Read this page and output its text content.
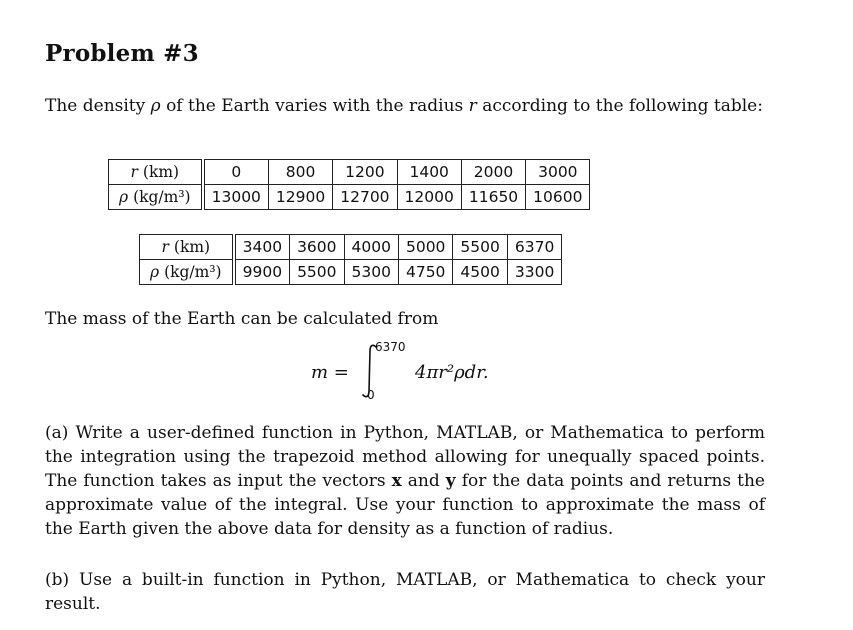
Problem #3
The density ρ of the Earth varies with the radius r according to the following table:
r (km)	0	800	1200	1400	2000	3000
ρ (kg/m³)	13000	12900	12700	12000	11650	10600
r (km)	3400	3600	4000	5000	5500	6370
ρ (kg/m³)	9900	5500	5300	4750	4500	3300
The mass of the Earth can be calculated from
m =
6370
0
4πr²ρdr.
(a) Write a user-defined function in Python, MATLAB, or Mathematica to perform the integration using the trapezoid method allowing for unequally spaced points. The function takes as input the vectors x and y for the data points and returns the approximate value of the integral. Use your function to approximate the mass of the Earth given the above data for density as a function of radius.
(b) Use a built-in function in Python, MATLAB, or Mathematica to check your result.
